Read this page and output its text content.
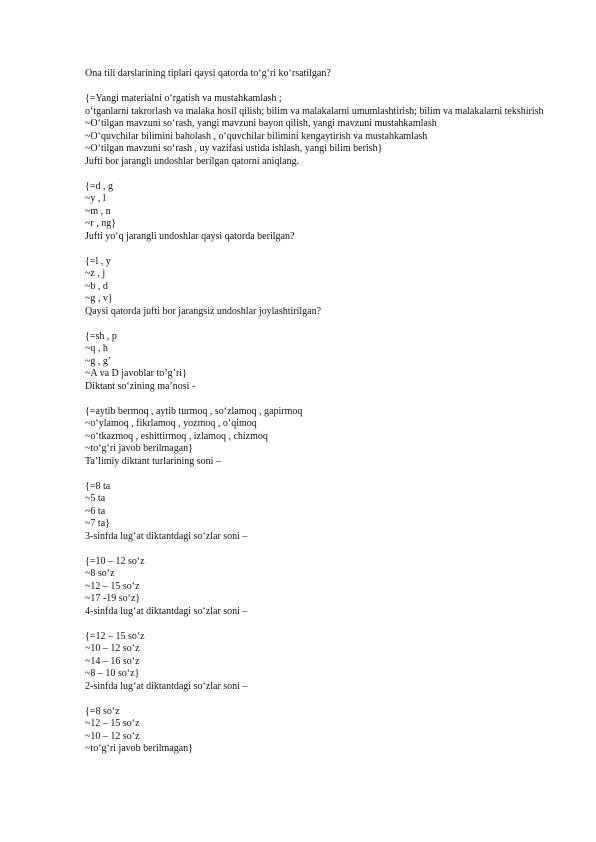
Ona tili darslarining tiplari qaysi qatorda to‘g‘ri ko‘rsatilgan?

{=Yangi materialni o‘rgatish va mustahkamlash ;

o‘tganlarni takrorlash va malaka hosil qilish; bilim va malakalarni umumlashtirish; bilim va malakalarni tekshirish

~O‘tilgan mavzuni so‘rash, yangi mavzuni bayon qilish, yangi mavzuni mustahkamlash

~O‘quvchilar bilimini baholash , o‘quvchilar bilimini kengaytirish va mustahkamlash

~O‘tilgan mavzuni so‘rash , uy vazifasi ustida ishlash, yangi bilim berish}

Jufti bor jarangli undoshlar berilgan qatorni aniqlang.

{=d , g

~y , l

~m , n

~r , ng}

Jufti yo‘q jarangli undoshlar qaysi qatorda berilgan?

{=l , y

~z , j

~b , d

~g , v}

Qaysi qatorda jufti bor jarangsiz undoshlar joylashtirilgan?

{=sh , p

~q , h

~g , g’

~A va D javoblar to’g’ri}

Diktant so‘zining ma’nosi -

{=aytib bermoq , aytib turmoq , so‘zlamoq , gapirmoq

~o‘ylamoq , fikrlamoq , yozmoq , o‘qimoq

~o‘tkazmoq , eshittirmoq , izlamoq , chizmoq

~to‘g‘ri javob berilmagan}

Ta’limiy diktant turlarining soni –

{=8 ta

~5 ta

~6 ta

~7 ta}

3-sinfda lug‘at diktantdagi so‘zlar soni –

{=10 – 12 so‘z

~8 so‘z

~12 – 15 so‘z

~17 -19 so‘z}

4-sinfda lug‘at diktantdagi so‘zlar soni –

{=12 – 15 so‘z

~10 – 12 so‘z

~14 – 16 so‘z

~8 – 10 so‘z}

2-sinfda lug‘at diktantdagi so‘zlar soni –

{=8 so‘z

~12 – 15 so‘z

~10 – 12 so‘z

~to‘g‘ri javob berilmagan}
